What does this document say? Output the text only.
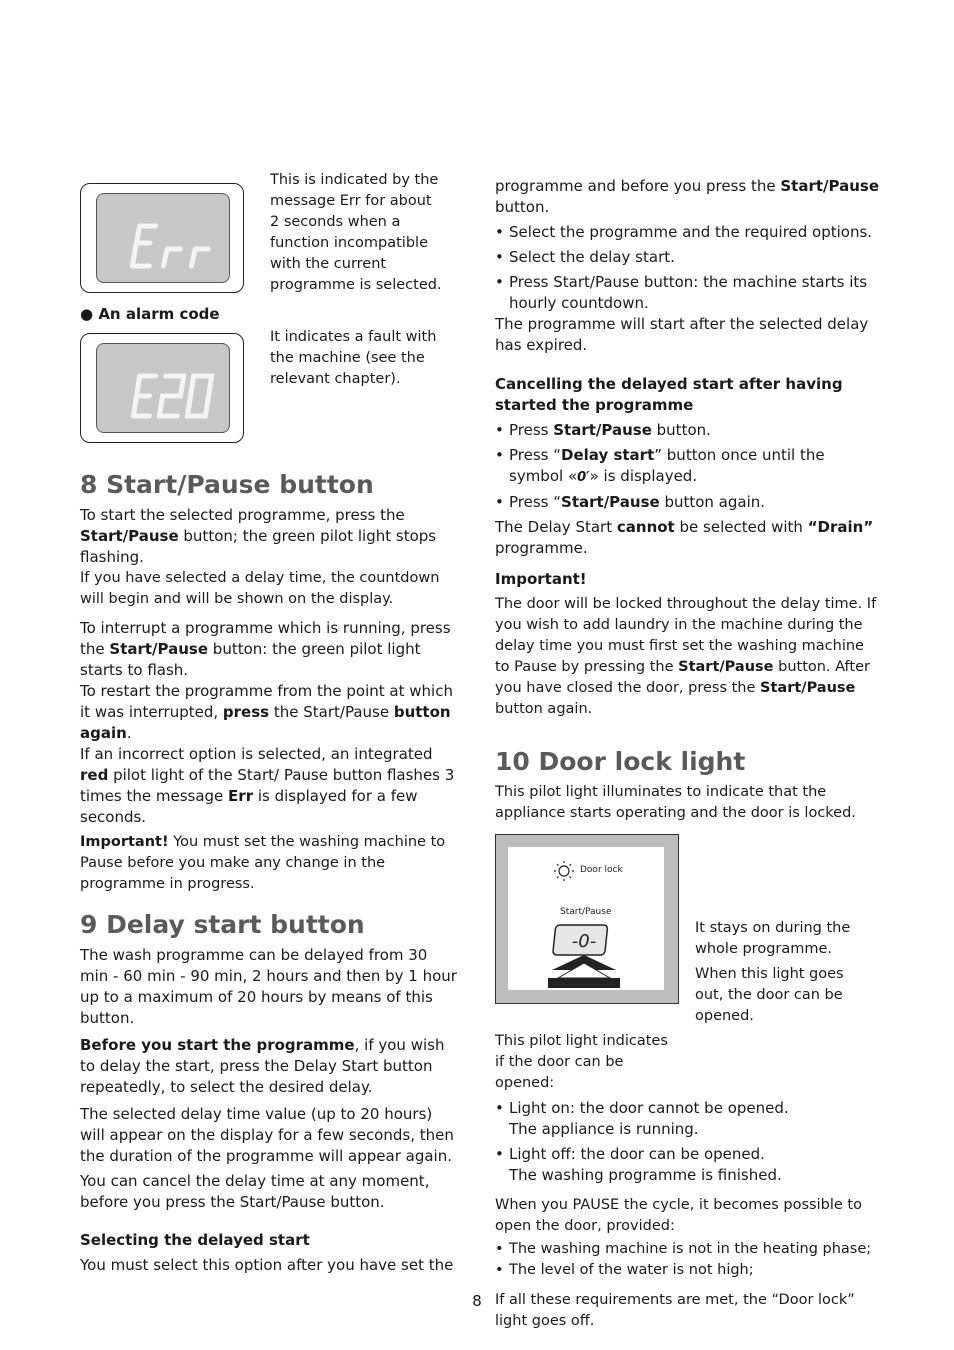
This is indicated by the message Err for about 2 seconds when a function incompatible with the current programme is selected.

● An alarm code

It indicates a fault with the machine (see the relevant chapter).

8 Start/Pause button

To start the selected programme, press the Start/Pause button; the green pilot light stops flashing.

If you have selected a delay time, the countdown will begin and will be shown on the display.

To interrupt a programme which is running, press the Start/Pause button: the green pilot light starts to flash.

To restart the programme from the point at which it was interrupted, press the Start/Pause button again.

If an incorrect option is selected, an integrated red pilot light of the Start/ Pause button flashes 3 times the message Err is displayed for a few seconds.

Important! You must set the washing machine to Pause before you make any change in the programme in progress.

9 Delay start button

The wash programme can be delayed from 30 min - 60 min - 90 min, 2 hours and then by 1 hour up to a maximum of 20 hours by means of this button.

Before you start the programme, if you wish to delay the start, press the Delay Start button repeatedly, to select the desired delay.

The selected delay time value (up to 20 hours) will appear on the display for a few seconds, then the duration of the programme will appear again.

You can cancel the delay time at any moment, before you press the Start/Pause button.

Selecting the delayed start

You must select this option after you have set the

programme and before you press the Start/Pause button.

• Select the programme and the required options.
• Select the delay start.
• Press Start/Pause button: the machine starts its hourly countdown.

The programme will start after the selected delay has expired.

Cancelling the delayed start after having started the programme
• Press Start/Pause button.
• Press “Delay start” button once until the symbol «0′» is displayed.
• Press “Start/Pause button again.

The Delay Start cannot be selected with “Drain” programme.

Important!

The door will be locked throughout the delay time. If you wish to add laundry in the machine during the delay time you must first set the washing machine to Pause by pressing the Start/Pause button. After you have closed the door, press the Start/Pause button again.

10 Door lock light

This pilot light illuminates to indicate that the appliance starts operating and the door is locked.

-0-
Door lock
Start/Pause

It stays on during the whole programme.

When this light goes out, the door can be opened.

This pilot light indicates if the door can be opened:

• Light on: the door cannot be opened.
The appliance is running.
• Light off: the door can be opened.
The washing programme is finished.

When you PAUSE the cycle, it becomes possible to open the door, provided:

• The washing machine is not in the heating phase;
• The level of the water is not high;

If all these requirements are met, the “Door lock” light goes off.

8
